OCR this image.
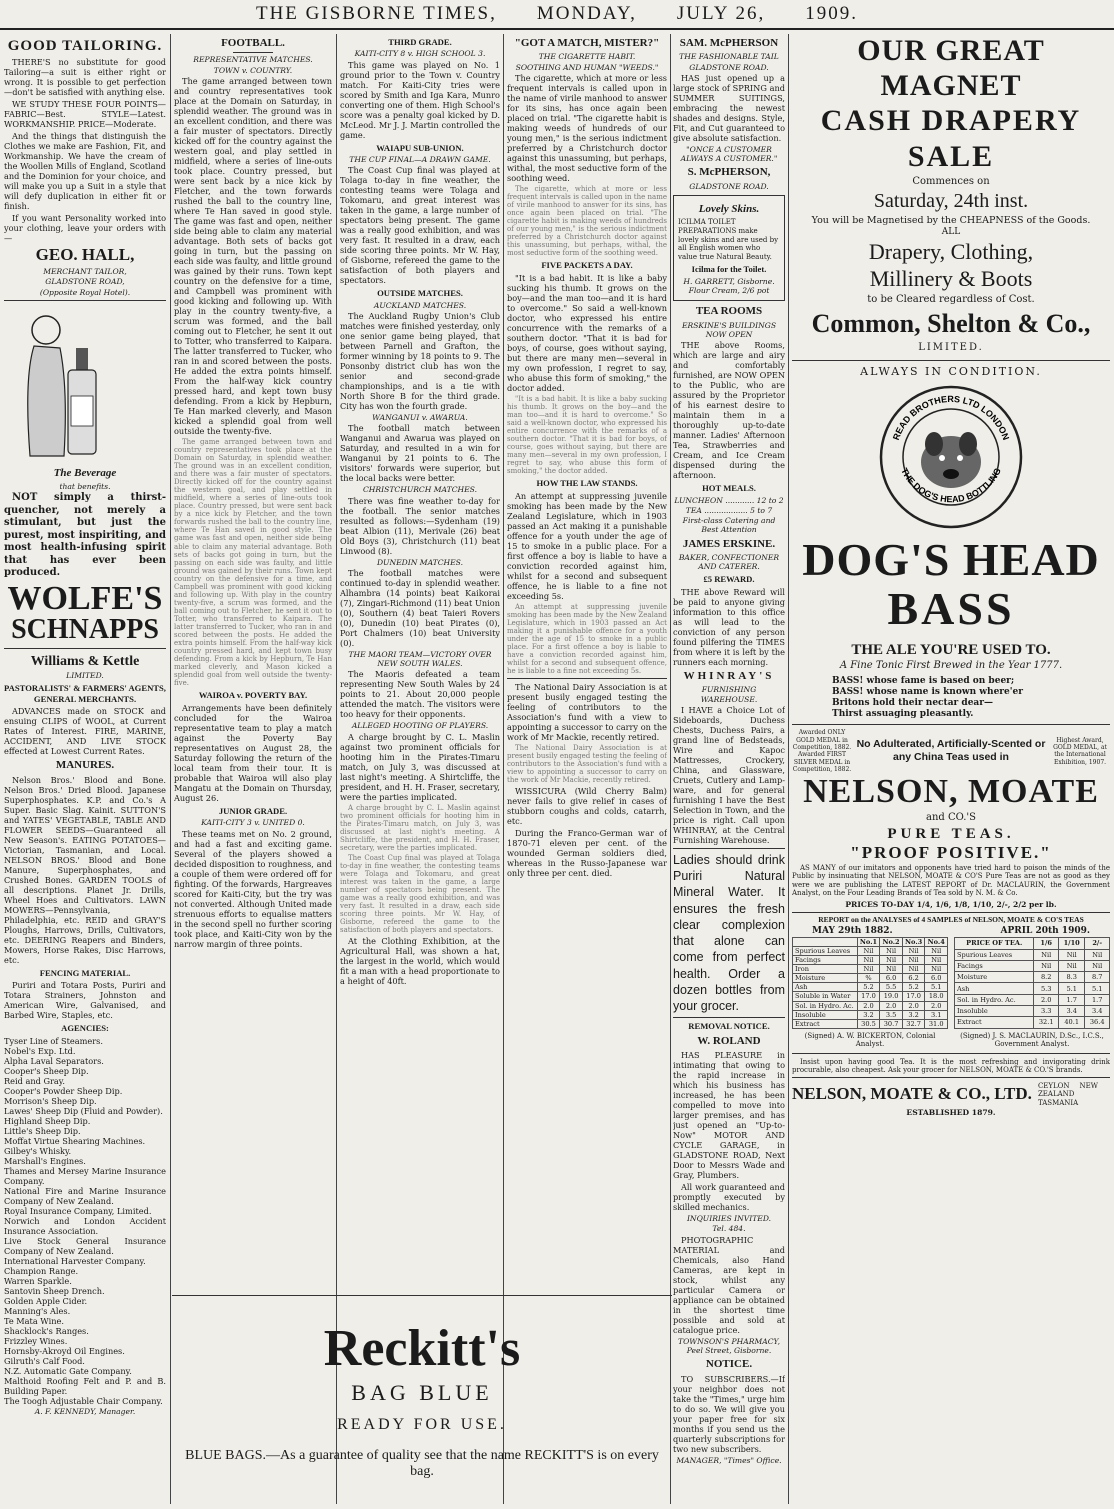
THE GISBORNE TIMES, MONDAY, JULY 26, 1909.
GOOD TAILORING.

THERE'S no substitute for good Tailoring—a suit is either right or wrong. It is possible to get perfection—don't be satisfied with anything else.

WE STUDY THESE FOUR POINTS—FABRIC—Best. STYLE—Latest. WORKMANSHIP. PRICE—Moderate.

And the things that distinguish the Clothes we make are Fashion, Fit, and Workmanship. We have the cream of the Woollen Mills of England, Scotland and the Dominion for your choice, and will make you up a Suit in a style that will defy duplication in either fit or finish.

If you want Personality worked into your clothing, leave your orders with—

GEO. HALL,
MERCHANT TAILOR,
GLADSTONE ROAD,
(Opposite Royal Hotel).
The Beverage
that benefits.

NOT simply a thirst-quencher, not merely a stimulant, but just the purest, most inspiriting, and most health-infusing spirit that has ever been produced.

WOLFE'S
SCHNAPPS
Williams & Kettle
LIMITED.
PASTORALISTS' & FARMERS' AGENTS, GENERAL MERCHANTS.

ADVANCES made on STOCK and ensuing CLIPS of WOOL, at Current Rates of Interest. FIRE, MARINE, ACCIDENT, AND LIVE STOCK effected at Lowest Current Rates.

MANURES.

Nelson Bros.' Blood and Bone. Nelson Bros.' Dried Blood. Japanese Superphosphates. K.P. and Co.'s A Super. Basic Slag. Kainit. SUTTON'S and YATES' VEGETABLE, TABLE AND FLOWER SEEDS—Guaranteed all New Season's. EATING POTATOES—Victorian, Tasmanian, and Local. NELSON BROS.' Blood and Bone Manure, Superphosphates, and Crushed Bones. GARDEN TOOLS of all descriptions. Planet Jr. Drills, Wheel Hoes and Cultivators. LAWN MOWERS—Pennsylvania, Philadelphia, etc. REID and GRAY'S Ploughs, Harrows, Drills, Cultivators, etc. DEERING Reapers and Binders, Mowers, Horse Rakes, Disc Harrows, etc.

FENCING MATERIAL.

Puriri and Totara Posts, Puriri and Totara Strainers, Johnston and American Wire, Galvanised, and Barbed Wire, Staples, etc.

AGENCIES:
Tyser Line of Steamers.
Nobel's Exp. Ltd.
Alpha Laval Separators.
Cooper's Sheep Dip.
Reid and Gray.
Cooper's Powder Sheep Dip.
Morrison's Sheep Dip.
Lawes' Sheep Dip (Fluid and Powder).
Highland Sheep Dip.
Little's Sheep Dip.
Moffat Virtue Shearing Machines.
Gilbey's Whisky.
Marshall's Engines.
Thames and Mersey Marine Insurance Company.
National Fire and Marine Insurance Company of New Zealand.
Royal Insurance Company, Limited.
Norwich and London Accident Insurance Association.
Live Stock General Insurance Company of New Zealand.
International Harvester Company.
Champion Range.
Warren Sparkle.
Santovin Sheep Drench.
Golden Apple Cider.
Manning's Ales.
Te Mata Wine.
Shacklock's Ranges.
Frizzley Wines.
Hornsby-Akroyd Oil Engines.
Gilruth's Calf Food.
N.Z. Automatic Gate Company.
Malthoid Roofing Felt and P. and B. Building Paper.
The Toogh Adjustable Chair Company.
A. F. KENNEDY, Manager.
FOOTBALL.
REPRESENTATIVE MATCHES.
TOWN v. COUNTRY.

The game arranged between town and country representatives took place at the Domain on Saturday, in splendid weather. The ground was in an excellent condition, and there was a fair muster of spectators. Directly kicked off for the country against the western goal, and play settled in midfield, where a series of line-outs took place. Country pressed, but were sent back by a nice kick by Fletcher, and the town forwards rushed the ball to the country line, where Te Han saved in good style. The game was fast and open, neither side being able to claim any material advantage. Both sets of backs got going in turn, but the passing on each side was faulty, and little ground was gained by their runs. Town kept country on the defensive for a time, and Campbell was prominent with good kicking and following up. With play in the country twenty-five, a scrum was formed, and the ball coming out to Fletcher, he sent it out to Totter, who transferred to Kaipara. The latter transferred to Tucker, who ran in and scored between the posts. He added the extra points himself. From the half-way kick country pressed hard, and kept town busy defending. From a kick by Hepburn, Te Han marked cleverly, and Mason kicked a splendid goal from well outside the twenty-five.

The game arranged between town and country representatives took place at the Domain on Saturday, in splendid weather. The ground was in an excellent condition, and there was a fair muster of spectators. Directly kicked off for the country against the western goal, and play settled in midfield, where a series of line-outs took place. Country pressed, but were sent back by a nice kick by Fletcher, and the town forwards rushed the ball to the country line, where Te Han saved in good style. The game was fast and open, neither side being able to claim any material advantage. Both sets of backs got going in turn, but the passing on each side was faulty, and little ground was gained by their runs. Town kept country on the defensive for a time, and Campbell was prominent with good kicking and following up. With play in the country twenty-five, a scrum was formed, and the ball coming out to Fletcher, he sent it out to Totter, who transferred to Kaipara. The latter transferred to Tucker, who ran in and scored between the posts. He added the extra points himself. From the half-way kick country pressed hard, and kept town busy defending. From a kick by Hepburn, Te Han marked cleverly, and Mason kicked a splendid goal from well outside the twenty-five.

WAIROA v. POVERTY BAY.

Arrangements have been definitely concluded for the Wairoa representative team to play a match against the Poverty Bay representatives on August 28, the Saturday following the return of the local team from their tour. It is probable that Wairoa will also play Mangatu at the Domain on Thursday, August 26.

JUNIOR GRADE.
KAITI-CITY 3 v. UNITED 0.

These teams met on No. 2 ground, and had a fast and exciting game. Several of the players showed a decided disposition to roughness, and a couple of them were ordered off for fighting. Of the forwards, Hargreaves scored for Kaiti-City, but the try was not converted. Although United made strenuous efforts to equalise matters in the second spell no further scoring took place, and Kaiti-City won by the narrow margin of three points.

THIRD GRADE.
KAITI-CITY 8 v. HIGH SCHOOL 3.

This game was played on No. 1 ground prior to the Town v. Country match. For Kaiti-City tries were scored by Smith and Iga Kara, Munro converting one of them. High School's score was a penalty goal kicked by D. McLeod. Mr J. J. Martin controlled the game.

WAIAPU SUB-UNION.
THE CUP FINAL—A DRAWN GAME.

The Coast Cup final was played at Tolaga to-day in fine weather, the contesting teams were Tolaga and Tokomaru, and great interest was taken in the game, a large number of spectators being present. The game was a really good exhibition, and was very fast. It resulted in a draw, each side scoring three points. Mr W. Hay, of Gisborne, refereed the game to the satisfaction of both players and spectators.

OUTSIDE MATCHES.
AUCKLAND MATCHES.

The Auckland Rugby Union's Club matches were finished yesterday, only one senior game being played, that between Parnell and Grafton, the former winning by 18 points to 9. The Ponsonby district club has won the senior and second-grade championships, and is a tie with North Shore B for the third grade. City has won the fourth grade.

WANGANUI v. AWARUA.

The football match between Wanganui and Awarua was played on Saturday, and resulted in a win for Wanganui by 21 points to 6. The visitors' forwards were superior, but the local backs were better.

CHRISTCHURCH MATCHES.

There was fine weather to-day for the football. The senior matches resulted as follows:—Sydenham (19) beat Albion (11), Merivale (26) beat Old Boys (3), Christchurch (11) beat Linwood (8).

DUNEDIN MATCHES.

The football matches were continued to-day in splendid weather. Alhambra (14 points) beat Kaikorai (7), Zingari-Richmond (11) beat Union (0), Southern (4) beat Taieri Rovers (0), Dunedin (10) beat Pirates (0), Port Chalmers (10) beat University (0).

THE MAORI TEAM—VICTORY OVER NEW SOUTH WALES.

The Maoris defeated a team representing New South Wales by 24 points to 21. About 20,000 people attended the match. The visitors were too heavy for their opponents.

ALLEGED HOOTING OF PLAYERS.

A charge brought by C. L. Maslin against two prominent officials for hooting him in the Pirates-Timaru match, on July 3, was discussed at last night's meeting. A Shirtcliffe, the president, and H. H. Fraser, secretary, were the parties implicated.

A charge brought by C. L. Maslin against two prominent officials for hooting him in the Pirates-Timaru match, on July 3, was discussed at last night's meeting. A Shirtcliffe, the president, and H. H. Fraser, secretary, were the parties implicated.

The Coast Cup final was played at Tolaga to-day in fine weather, the contesting teams were Tolaga and Tokomaru, and great interest was taken in the game, a large number of spectators being present. The game was a really good exhibition, and was very fast. It resulted in a draw, each side scoring three points. Mr W. Hay, of Gisborne, refereed the game to the satisfaction of both players and spectators.

At the Clothing Exhibition, at the Agricultural Hall, was shown a hat, the largest in the world, which would fit a man with a head proportionate to a height of 40ft.

"GOT A MATCH, MISTER?"
THE CIGARETTE HABIT.
SOOTHING AND HUMAN "WEEDS."

The cigarette, which at more or less frequent intervals is called upon in the name of virile manhood to answer for its sins, has once again been placed on trial. "The cigarette habit is making weeds of hundreds of our young men," is the serious indictment preferred by a Christchurch doctor against this unassuming, but perhaps, withal, the most seductive form of the soothing weed.

The cigarette, which at more or less frequent intervals is called upon in the name of virile manhood to answer for its sins, has once again been placed on trial. "The cigarette habit is making weeds of hundreds of our young men," is the serious indictment preferred by a Christchurch doctor against this unassuming, but perhaps, withal, the most seductive form of the soothing weed.

FIVE PACKETS A DAY.

"It is a bad habit. It is like a baby sucking his thumb. It grows on the boy—and the man too—and it is hard to overcome." So said a well-known doctor, who expressed his entire concurrence with the remarks of a southern doctor. "That it is bad for boys, of course, goes without saying, but there are many men—several in my own profession, I regret to say, who abuse this form of smoking," the doctor added.

"It is a bad habit. It is like a baby sucking his thumb. It grows on the boy—and the man too—and it is hard to overcome." So said a well-known doctor, who expressed his entire concurrence with the remarks of a southern doctor. "That it is bad for boys, of course, goes without saying, but there are many men—several in my own profession, I regret to say, who abuse this form of smoking," the doctor added.

HOW THE LAW STANDS.

An attempt at suppressing juvenile smoking has been made by the New Zealand Legislature, which in 1903 passed an Act making it a punishable offence for a youth under the age of 15 to smoke in a public place. For a first offence a boy is liable to have a conviction recorded against him, whilst for a second and subsequent offence, he is liable to a fine not exceeding 5s.

An attempt at suppressing juvenile smoking has been made by the New Zealand Legislature, which in 1903 passed an Act making it a punishable offence for a youth under the age of 15 to smoke in a public place. For a first offence a boy is liable to have a conviction recorded against him, whilst for a second and subsequent offence, he is liable to a fine not exceeding 5s.

The National Dairy Association is at present busily engaged testing the feeling of contributors to the Association's fund with a view to appointing a successor to carry on the work of Mr Mackie, recently retired.

The National Dairy Association is at present busily engaged testing the feeling of contributors to the Association's fund with a view to appointing a successor to carry on the work of Mr Mackie, recently retired.

WISSICURA (Wild Cherry Balm) never fails to give relief in cases of stubborn coughs and colds, catarrh, etc.

During the Franco-German war of 1870-71 eleven per cent. of the wounded German soldiers died, whereas in the Russo-Japanese war only three per cent. died.

Reckitt's
BAG BLUE
READY FOR USE.
BLUE BAGS.—As a guarantee of quality see that the name RECKITT'S is on every bag.
SAM. McPHERSON
THE FASHIONABLE TAIL
GLADSTONE ROAD.

HAS just opened up a large stock of SPRING and SUMMER SUITINGS, embracing the newest shades and designs. Style, Fit, and Cut guaranteed to give absolute satisfaction.

"ONCE A CUSTOMER ALWAYS A CUSTOMER."
S. McPHERSON,
GLADSTONE ROAD.
Lovely Skins.
ICILMA TOILET PREPARATIONS make lovely skins and are used by all English women who value true Natural Beauty.
Icilma for the Toilet.
H. GARRETT, Gisborne. Flour Cream, 2/6 pot
TEA ROOMS
ERSKINE'S BUILDINGS NOW OPEN

THE above Rooms, which are large and airy and comfortably furnished, are NOW OPEN to the Public, who are assured by the Proprietor of his earnest desire to maintain them in a thoroughly up-to-date manner. Ladies' Afternoon Tea, Strawberries and Cream, and Ice Cream dispensed during the afternoon.

HOT MEALS.
LUNCHEON ............ 12 to 2
TEA .................. 5 to 7
First-class Catering and Best Attention
JAMES ERSKINE.
BAKER, CONFECTIONER AND CATERER.
£5 REWARD.

THE above Reward will be paid to anyone giving information to this office as will lead to the conviction of any person found pilfering the TIMES from where it is left by the runners each morning.

WHINRAY'S
FURNISHING WAREHOUSE.

I HAVE a Choice Lot of Sideboards, Duchess Chests, Duchess Pairs, a grand line of Bedsteads, Wire and Kapoc Mattresses, Crockery, China, and Glassware, Cruets, Cutlery and Lamp-ware, and for general furnishing I have the Best Selection in Town, and the price is right. Call upon WHINRAY, at the Central Furnishing Warehouse.

Ladies should drink Puriri Natural Mineral Water. It ensures the fresh clear complexion that alone can come from perfect health. Order a dozen bottles from your grocer.
REMOVAL NOTICE.
W. ROLAND

HAS PLEASURE in intimating that owing to the rapid increase in which his business has increased, he has been compelled to move into larger premises, and has just opened an "Up-to-Now" MOTOR AND CYCLE GARAGE, in GLADSTONE ROAD, Next Door to Messrs Wade and Gray, Plumbers.

All work guaranteed and promptly executed by skilled mechanics.

INQUIRIES INVITED.
Tel. 484.

PHOTOGRAPHIC MATERIAL and Chemicals, also Hand Cameras, are kept in stock, whilst any particular Camera or appliance can be obtained in the shortest time possible and sold at catalogue price.

TOWNSON'S PHARMACY, Peel Street, Gisborne.
NOTICE.

TO SUBSCRIBERS.—If your neighbor does not take the "Times," urge him to do so. We will give you your paper free for six months if you send us the quarterly subscriptions for two new subscribers.

MANAGER, "Times" Office.
OUR GREAT MAGNET
CASH DRAPERY SALE
Commences on
Saturday, 24th inst.
You will be Magnetised by the CHEAPNESS of the Goods.
ALL
Drapery, Clothing,
Millinery & Boots
to be Cleared regardless of Cost.
Common, Shelton & Co.,
LIMITED.
ALWAYS IN CONDITION.
READ BROTHERS LTD LONDON
THE DOG'S HEAD BOTTLING
DOG'S HEAD
BASS
THE ALE YOU'RE USED TO.
A Fine Tonic First Brewed in the Year 1777.
BASS! whose fame is based on beer;
BASS! whose name is known where'er
Britons hold their nectar dear—
Thirst assuaging pleasantly.
Awarded ONLY GOLD MEDAL in Competition, 1882. Awarded FIRST SILVER MEDAL in Competition, 1882.
No Adulterated, Artificially-Scented or any China Teas used in
Highest Award, GOLD MEDAL, at the International Exhibition, 1907.
NELSON, MOATE
and CO.'S
PURE TEAS.
"PROOF POSITIVE."

AS MANY of our imitators and opponents have tried hard to poison the minds of the Public by insinuating that NELSON, MOATE & CO'S Pure Teas are not as good as they were we are publishing the LATEST REPORT of Dr. MACLAURIN, the Government Analyst, on the Four Leading Brands of Tea sold by N. M. & Co.

PRICES TO-DAY 1/4, 1/6, 1/8, 1/10, 2/-, 2/2 per lb.
REPORT on the ANALYSES of 4 SAMPLES of NELSON, MOATE & CO'S TEAS
MAY 29th 1882.	APRIL 20th 1909.
	No.1	No.2	No.3	No.4
Spurious Leaves	Nil	Nil	Nil	Nil
Facings	Nil	Nil	Nil	Nil
Iron	Nil	Nil	Nil	Nil
Moisture	%	6.0	6.2	6.0
Ash	5.2	5.5	5.2	5.1
Soluble in Water	17.0	19.0	17.0	18.0
Sol. in Hydro. Ac.	2.0	2.0	2.0	2.0
Insoluble	3.2	3.5	3.2	3.1
Extract	30.5	30.7	32.7	31.0
PRICE OF TEA.	1/6	1/10	2/-
Spurious Leaves	Nil	Nil	Nil
Facings	Nil	Nil	Nil
Moisture	8.2	8.3	8.7
Ash	5.3	5.1	5.1
Sol. in Hydro. Ac.	2.0	1.7	1.7
Insoluble	3.3	3.4	3.4
Extract	32.1	40.1	36.4
(Signed) A. W. BICKERTON, Colonial Analyst.
(Signed) J. S. MACLAURIN, D.Sc., I.C.S., Government Analyst.

Insist upon having good Tea. It is the most refreshing and invigorating drink procurable, also cheapest. Ask your grocer for NELSON, MOATE & CO.'S brands.

NELSON, MOATE & CO., LTD. CEYLON NEW ZEALAND TASMANIA
ESTABLISHED 1879.
